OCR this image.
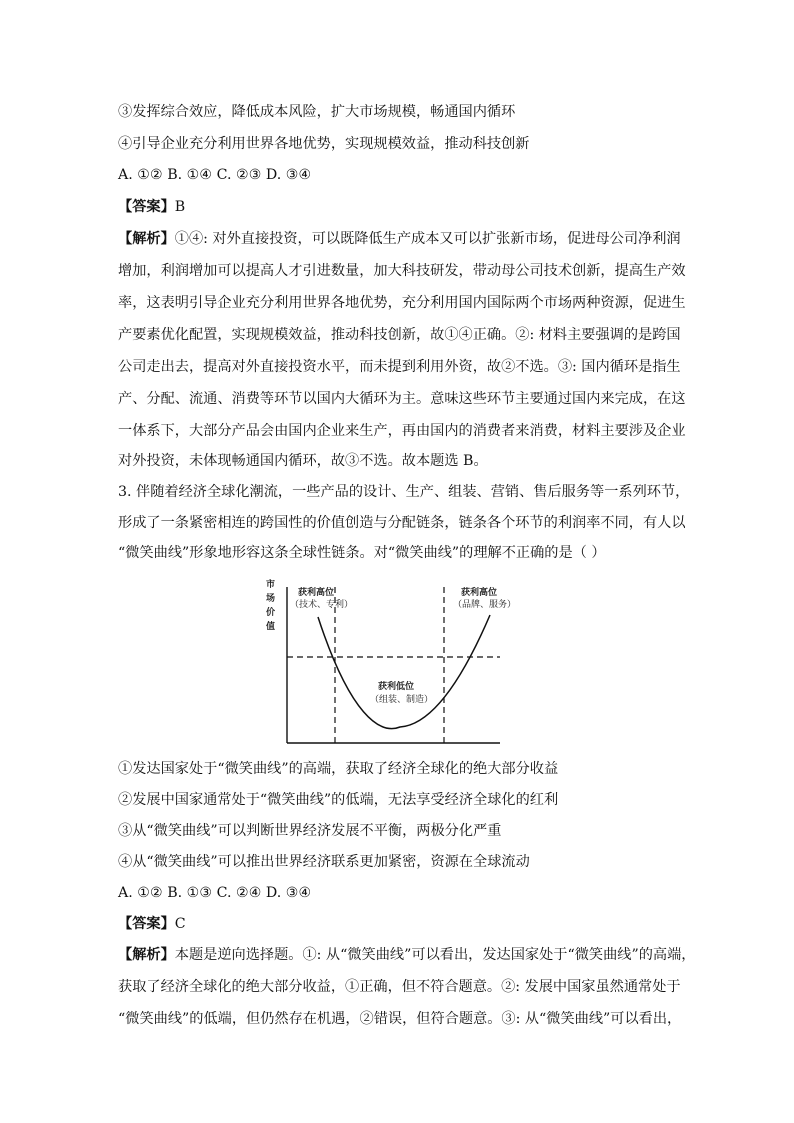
③发挥综合效应，降低成本风险，扩大市场规模，畅通国内循环
④引导企业充分利用世界各地优势，实现规模效益，推动科技创新
A. ①② B. ①④ C. ②③ D. ③④
【答案】B
【解析】①④: 对外直接投资，可以既降低生产成本又可以扩张新市场，促进母公司净利润
增加，利润增加可以提高人才引进数量，加大科技研发，带动母公司技术创新，提高生产效
率，这表明引导企业充分利用世界各地优势，充分利用国内国际两个市场两种资源，促进生
产要素优化配置，实现规模效益，推动科技创新，故①④正确。②: 材料主要强调的是跨国
公司走出去，提高对外直接投资水平，而未提到利用外资，故②不选。③: 国内循环是指生
产、分配、流通、消费等环节以国内大循环为主。意味这些环节主要通过国内来完成，在这
一体系下，大部分产品会由国内企业来生产，再由国内的消费者来消费，材料主要涉及企业
对外投资，未体现畅通国内循环，故③不选。故本题选 B。
3. 伴随着经济全球化潮流，一些产品的设计、生产、组装、营销、售后服务等一系列环节，
形成了一条紧密相连的跨国性的价值创造与分配链条，链条各个环节的利润率不同，有人以
“微笑曲线”形象地形容这条全球性链条。对“微笑曲线”的理解不正确的是（ ）
市
场
价
值
获利高位
（技术、专利）
获利高位
（品牌、服务）
获利低位
（组装、制造）
①发达国家处于“微笑曲线”的高端，获取了经济全球化的绝大部分收益
②发展中国家通常处于“微笑曲线”的低端，无法享受经济全球化的红利
③从“微笑曲线”可以判断世界经济发展不平衡，两极分化严重
④从“微笑曲线”可以推出世界经济联系更加紧密，资源在全球流动
A. ①② B. ①③ C. ②④ D. ③④
【答案】C
【解析】本题是逆向选择题。①: 从“微笑曲线”可以看出，发达国家处于“微笑曲线”的高端，
获取了经济全球化的绝大部分收益，①正确，但不符合题意。②: 发展中国家虽然通常处于
“微笑曲线”的低端，但仍然存在机遇，②错误，但符合题意。③: 从“微笑曲线”可以看出，
